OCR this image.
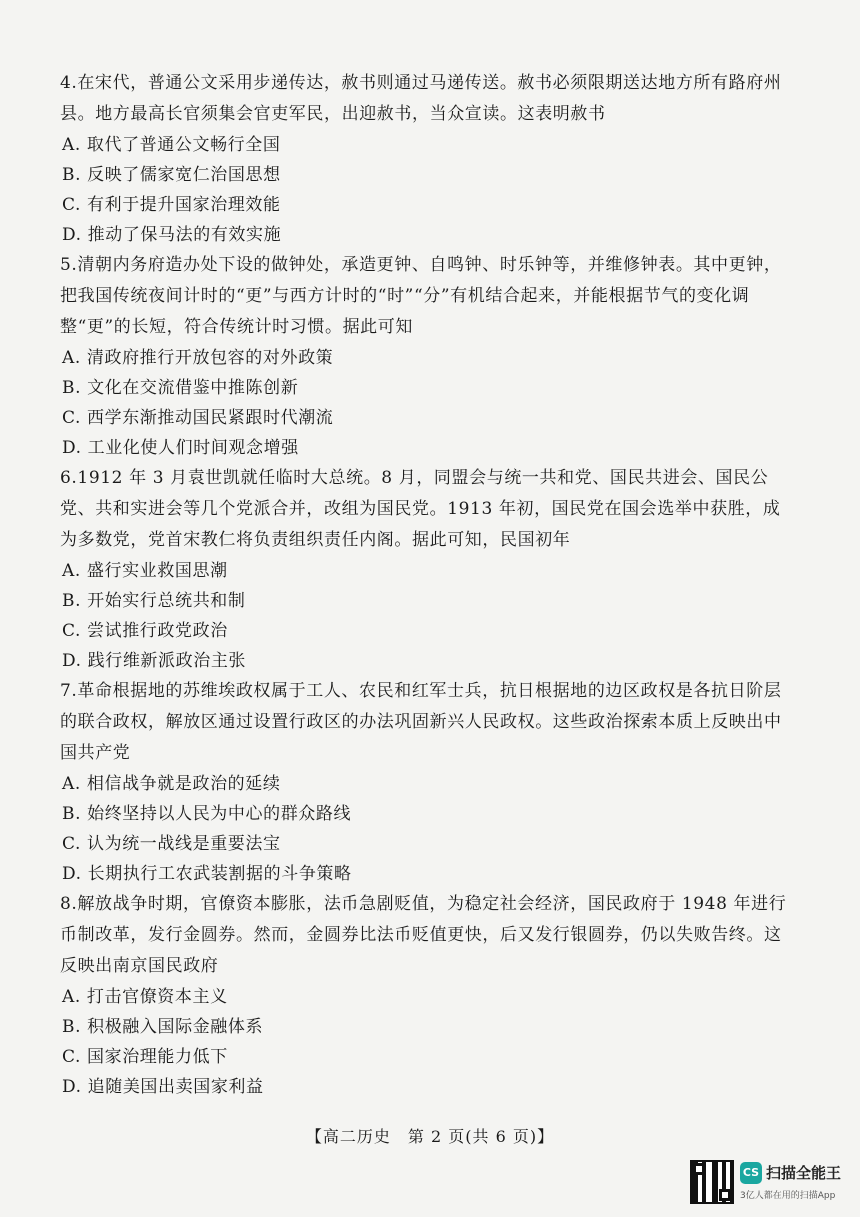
4.在宋代，普通公文采用步递传达，赦书则通过马递传送。赦书必须限期送达地方所有路府州县。地方最高长官须集会官吏军民，出迎赦书，当众宣读。这表明赦书

A. 取代了普通公文畅行全国

B. 反映了儒家宽仁治国思想

C. 有利于提升国家治理效能

D. 推动了保马法的有效实施

5.清朝内务府造办处下设的做钟处，承造更钟、自鸣钟、时乐钟等，并维修钟表。其中更钟，把我国传统夜间计时的“更”与西方计时的“时”“分”有机结合起来，并能根据节气的变化调整“更”的长短，符合传统计时习惯。据此可知

A. 清政府推行开放包容的对外政策

B. 文化在交流借鉴中推陈创新

C. 西学东渐推动国民紧跟时代潮流

D. 工业化使人们时间观念增强

6.1912 年 3 月袁世凯就任临时大总统。8 月，同盟会与统一共和党、国民共进会、国民公党、共和实进会等几个党派合并，改组为国民党。1913 年初，国民党在国会选举中获胜，成为多数党，党首宋教仁将负责组织责任内阁。据此可知，民国初年

A. 盛行实业救国思潮

B. 开始实行总统共和制

C. 尝试推行政党政治

D. 践行维新派政治主张

7.革命根据地的苏维埃政权属于工人、农民和红军士兵，抗日根据地的边区政权是各抗日阶层的联合政权，解放区通过设置行政区的办法巩固新兴人民政权。这些政治探索本质上反映出中国共产党

A. 相信战争就是政治的延续

B. 始终坚持以人民为中心的群众路线

C. 认为统一战线是重要法宝

D. 长期执行工农武装割据的斗争策略

8.解放战争时期，官僚资本膨胀，法币急剧贬值，为稳定社会经济，国民政府于 1948 年进行币制改革，发行金圆券。然而，金圆券比法币贬值更快，后又发行银圆券，仍以失败告终。这反映出南京国民政府

A. 打击官僚资本主义

B. 积极融入国际金融体系

C. 国家治理能力低下

D. 追随美国出卖国家利益

【高二历史　第 2 页(共 6 页)】
CS 扫描全能王
3亿人都在用的扫描App
